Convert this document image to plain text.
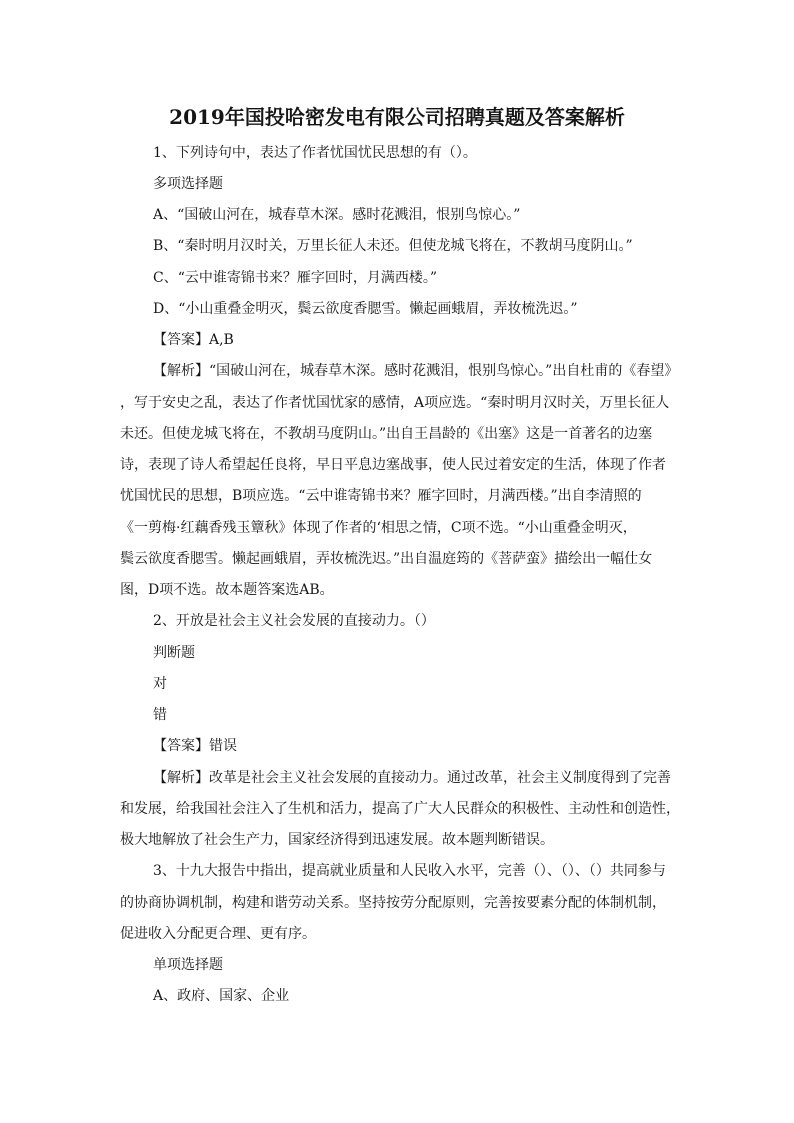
2019年国投哈密发电有限公司招聘真题及答案解析
1、下列诗句中，表达了作者忧国忧民思想的有（）。
多项选择题
A、“国破山河在，城春草木深。感时花溅泪，恨别鸟惊心。”
B、“秦时明月汉时关，万里长征人未还。但使龙城飞将在，不教胡马度阴山。”
C、“云中谁寄锦书来？雁字回时，月满西楼。”
D、“小山重叠金明灭，鬓云欲度香腮雪。懒起画蛾眉，弄妆梳洗迟。”
【答案】A,B
【解析】“国破山河在，城春草木深。感时花溅泪，恨别鸟惊心。”出自杜甫的《春望》
，写于安史之乱，表达了作者忧国忧家的感情，A项应选。“秦时明月汉时关，万里长征人
未还。但使龙城飞将在，不教胡马度阴山。”出自王昌龄的《出塞》这是一首著名的边塞
诗，表现了诗人希望起任良将，早日平息边塞战事，使人民过着安定的生活，体现了作者
忧国忧民的思想，B项应选。“云中谁寄锦书来？雁字回时，月满西楼。”出自李清照的
《一剪梅·红藕香残玉簟秋》体现了作者的‘相思之情，C项不选。“小山重叠金明灭，
鬓云欲度香腮雪。懒起画蛾眉，弄妆梳洗迟。”出自温庭筠的《菩萨蛮》描绘出一幅仕女
图，D项不选。故本题答案选AB。
2、开放是社会主义社会发展的直接动力。（）
判断题
对
错
【答案】错误
【解析】改革是社会主义社会发展的直接动力。通过改革，社会主义制度得到了完善
和发展，给我国社会注入了生机和活力，提高了广大人民群众的积极性、主动性和创造性，
极大地解放了社会生产力，国家经济得到迅速发展。故本题判断错误。
3、十九大报告中指出，提高就业质量和人民收入水平，完善（）、（）、（）共同参与
的协商协调机制，构建和谐劳动关系。坚持按劳分配原则，完善按要素分配的体制机制，
促进收入分配更合理、更有序。
单项选择题
A、政府、国家、企业
